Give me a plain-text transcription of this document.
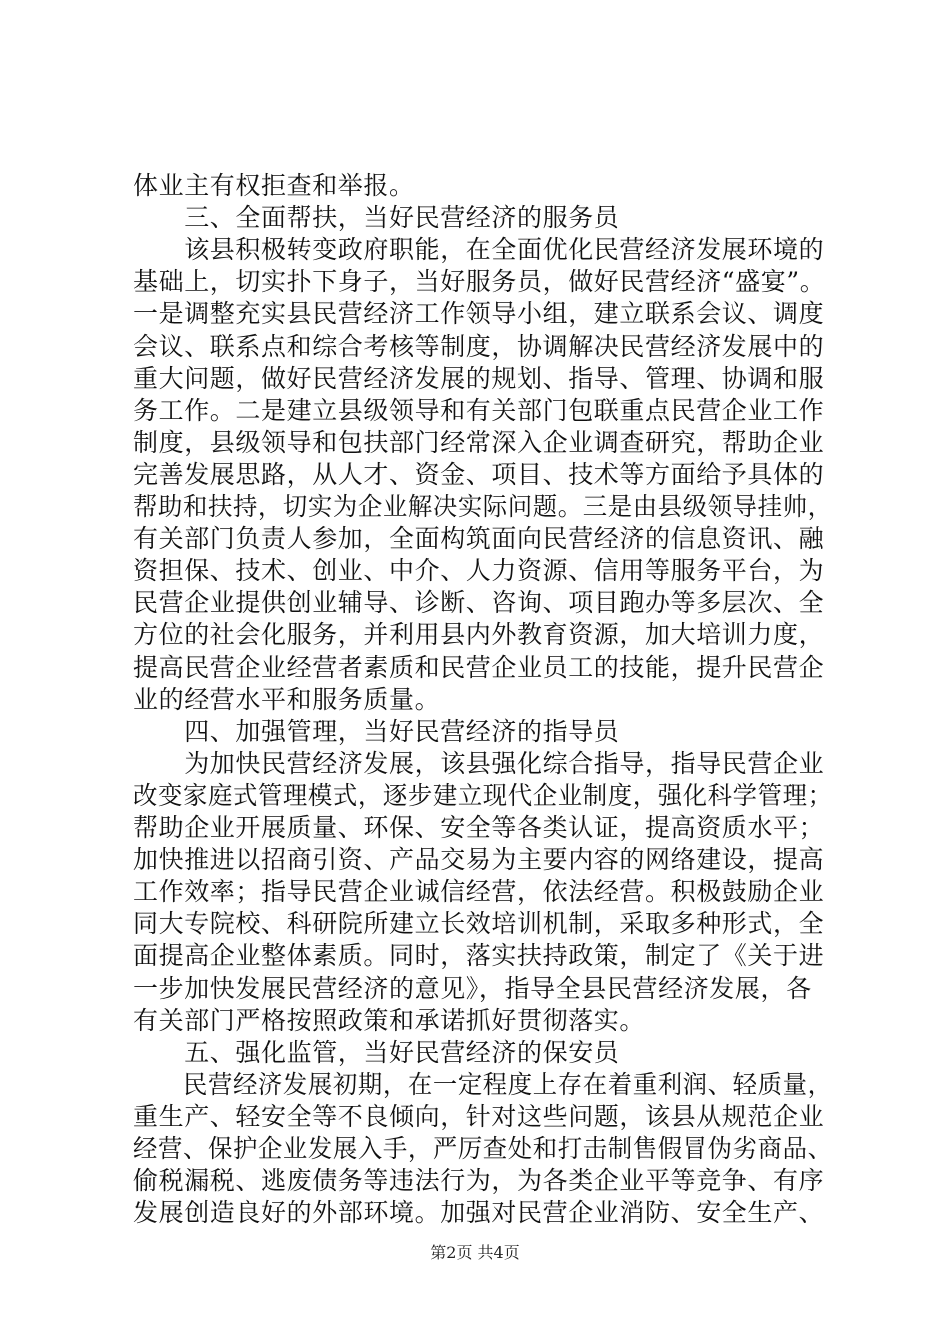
体业主有权拒查和举报。
　　三、全面帮扶，当好民营经济的服务员
　　该县积极转变政府职能，在全面优化民营经济发展环境的
基础上，切实扑下身子，当好服务员，做好民营经济“盛宴”。
一是调整充实县民营经济工作领导小组，建立联系会议、调度
会议、联系点和综合考核等制度，协调解决民营经济发展中的
重大问题，做好民营经济发展的规划、指导、管理、协调和服
务工作。二是建立县级领导和有关部门包联重点民营企业工作
制度，县级领导和包扶部门经常深入企业调查研究，帮助企业
完善发展思路，从人才、资金、项目、技术等方面给予具体的
帮助和扶持，切实为企业解决实际问题。三是由县级领导挂帅，
有关部门负责人参加，全面构筑面向民营经济的信息资讯、融
资担保、技术、创业、中介、人力资源、信用等服务平台，为
民营企业提供创业辅导、诊断、咨询、项目跑办等多层次、全
方位的社会化服务，并利用县内外教育资源，加大培训力度，
提高民营企业经营者素质和民营企业员工的技能，提升民营企
业的经营水平和服务质量。
　　四、加强管理，当好民营经济的指导员
　　为加快民营经济发展，该县强化综合指导，指导民营企业
改变家庭式管理模式，逐步建立现代企业制度，强化科学管理；
帮助企业开展质量、环保、安全等各类认证，提高资质水平；
加快推进以招商引资、产品交易为主要内容的网络建设，提高
工作效率；指导民营企业诚信经营，依法经营。积极鼓励企业
同大专院校、科研院所建立长效培训机制，采取多种形式，全
面提高企业整体素质。同时，落实扶持政策，制定了《关于进
一步加快发展民营经济的意见》，指导全县民营经济发展，各
有关部门严格按照政策和承诺抓好贯彻落实。
　　五、强化监管，当好民营经济的保安员
　　民营经济发展初期，在一定程度上存在着重利润、轻质量，
重生产、轻安全等不良倾向，针对这些问题，该县从规范企业
经营、保护企业发展入手，严厉查处和打击制售假冒伪劣商品、
偷税漏税、逃废债务等违法行为，为各类企业平等竞争、有序
发展创造良好的外部环境。加强对民营企业消防、安全生产、
第2页 共4页
